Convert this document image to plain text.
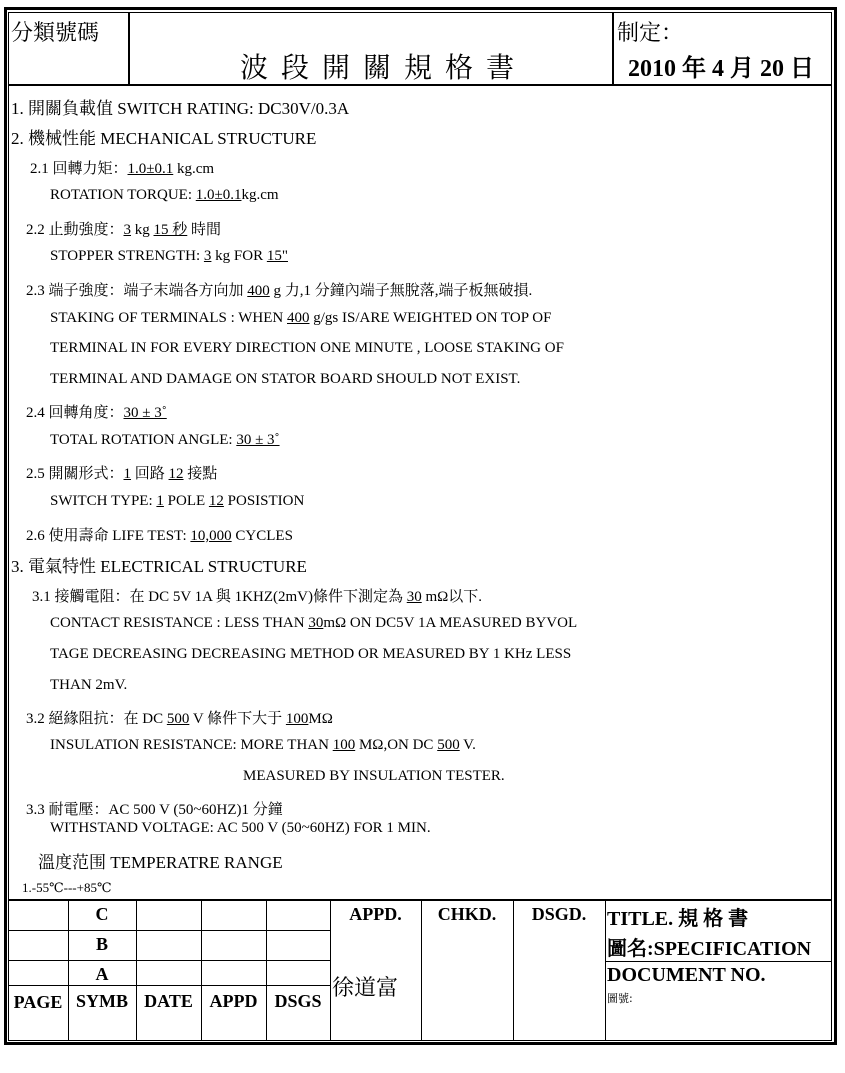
分類號碼
波段開關規格書
制定：
2010 年 4 月 20 日
1. 開關負載值 SWITCH RATING: DC30V/0.3A
2. 機械性能 MECHANICAL STRUCTURE
2.1 回轉力矩：1.0±0.1 kg.cm
ROTATION TORQUE: 1.0±0.1kg.cm
2.2 止動強度：3 kg 15 秒 時間
STOPPER STRENGTH: 3 kg FOR 15"
2.3 端子強度：端子末端各方向加 400 g 力,1 分鐘內端子無脫落,端子板無破損.
STAKING OF TERMINALS : WHEN 400 g/gs IS/ARE WEIGHTED ON TOP OF
TERMINAL IN FOR EVERY DIRECTION ONE MINUTE , LOOSE STAKING OF
TERMINAL AND DAMAGE ON STATOR BOARD SHOULD NOT EXIST.
2.4 回轉角度：30 ± 3˚
TOTAL ROTATION ANGLE: 30 ± 3˚
2.5 開關形式：1 回路 12 接點
SWITCH TYPE: 1 POLE 12 POSISTION
2.6 使用壽命 LIFE TEST: 10,000 CYCLES
3. 電氣特性 ELECTRICAL STRUCTURE
3.1 接觸電阻：在 DC 5V 1A 與 1KHZ(2mV)條件下測定為 30 mΩ以下.
CONTACT RESISTANCE : LESS THAN 30mΩ ON DC5V 1A MEASURED BYVOL
TAGE DECREASING DECREASING METHOD OR MEASURED BY 1 KHz LESS
THAN 2mV.
3.2 絕緣阻抗：在 DC 500 V 條件下大于 100MΩ
INSULATION RESISTANCE: MORE THAN 100 MΩ,ON DC 500 V.
MEASURED BY INSULATION TESTER.
3.3 耐電壓：AC 500 V (50~60HZ)1 分鐘
WITHSTAND VOLTAGE: AC 500 V (50~60HZ) FOR 1 MIN.
溫度范围 TEMPERATRE RANGE
1.-55℃---+85℃
C
B
A
PAGE SYMB DATE APPD DSGS
APPD.	CHKD.	DSGD.
徐道富
TITLE. 規 格 書
圖名:SPECIFICATION
DOCUMENT NO.
圖號:
